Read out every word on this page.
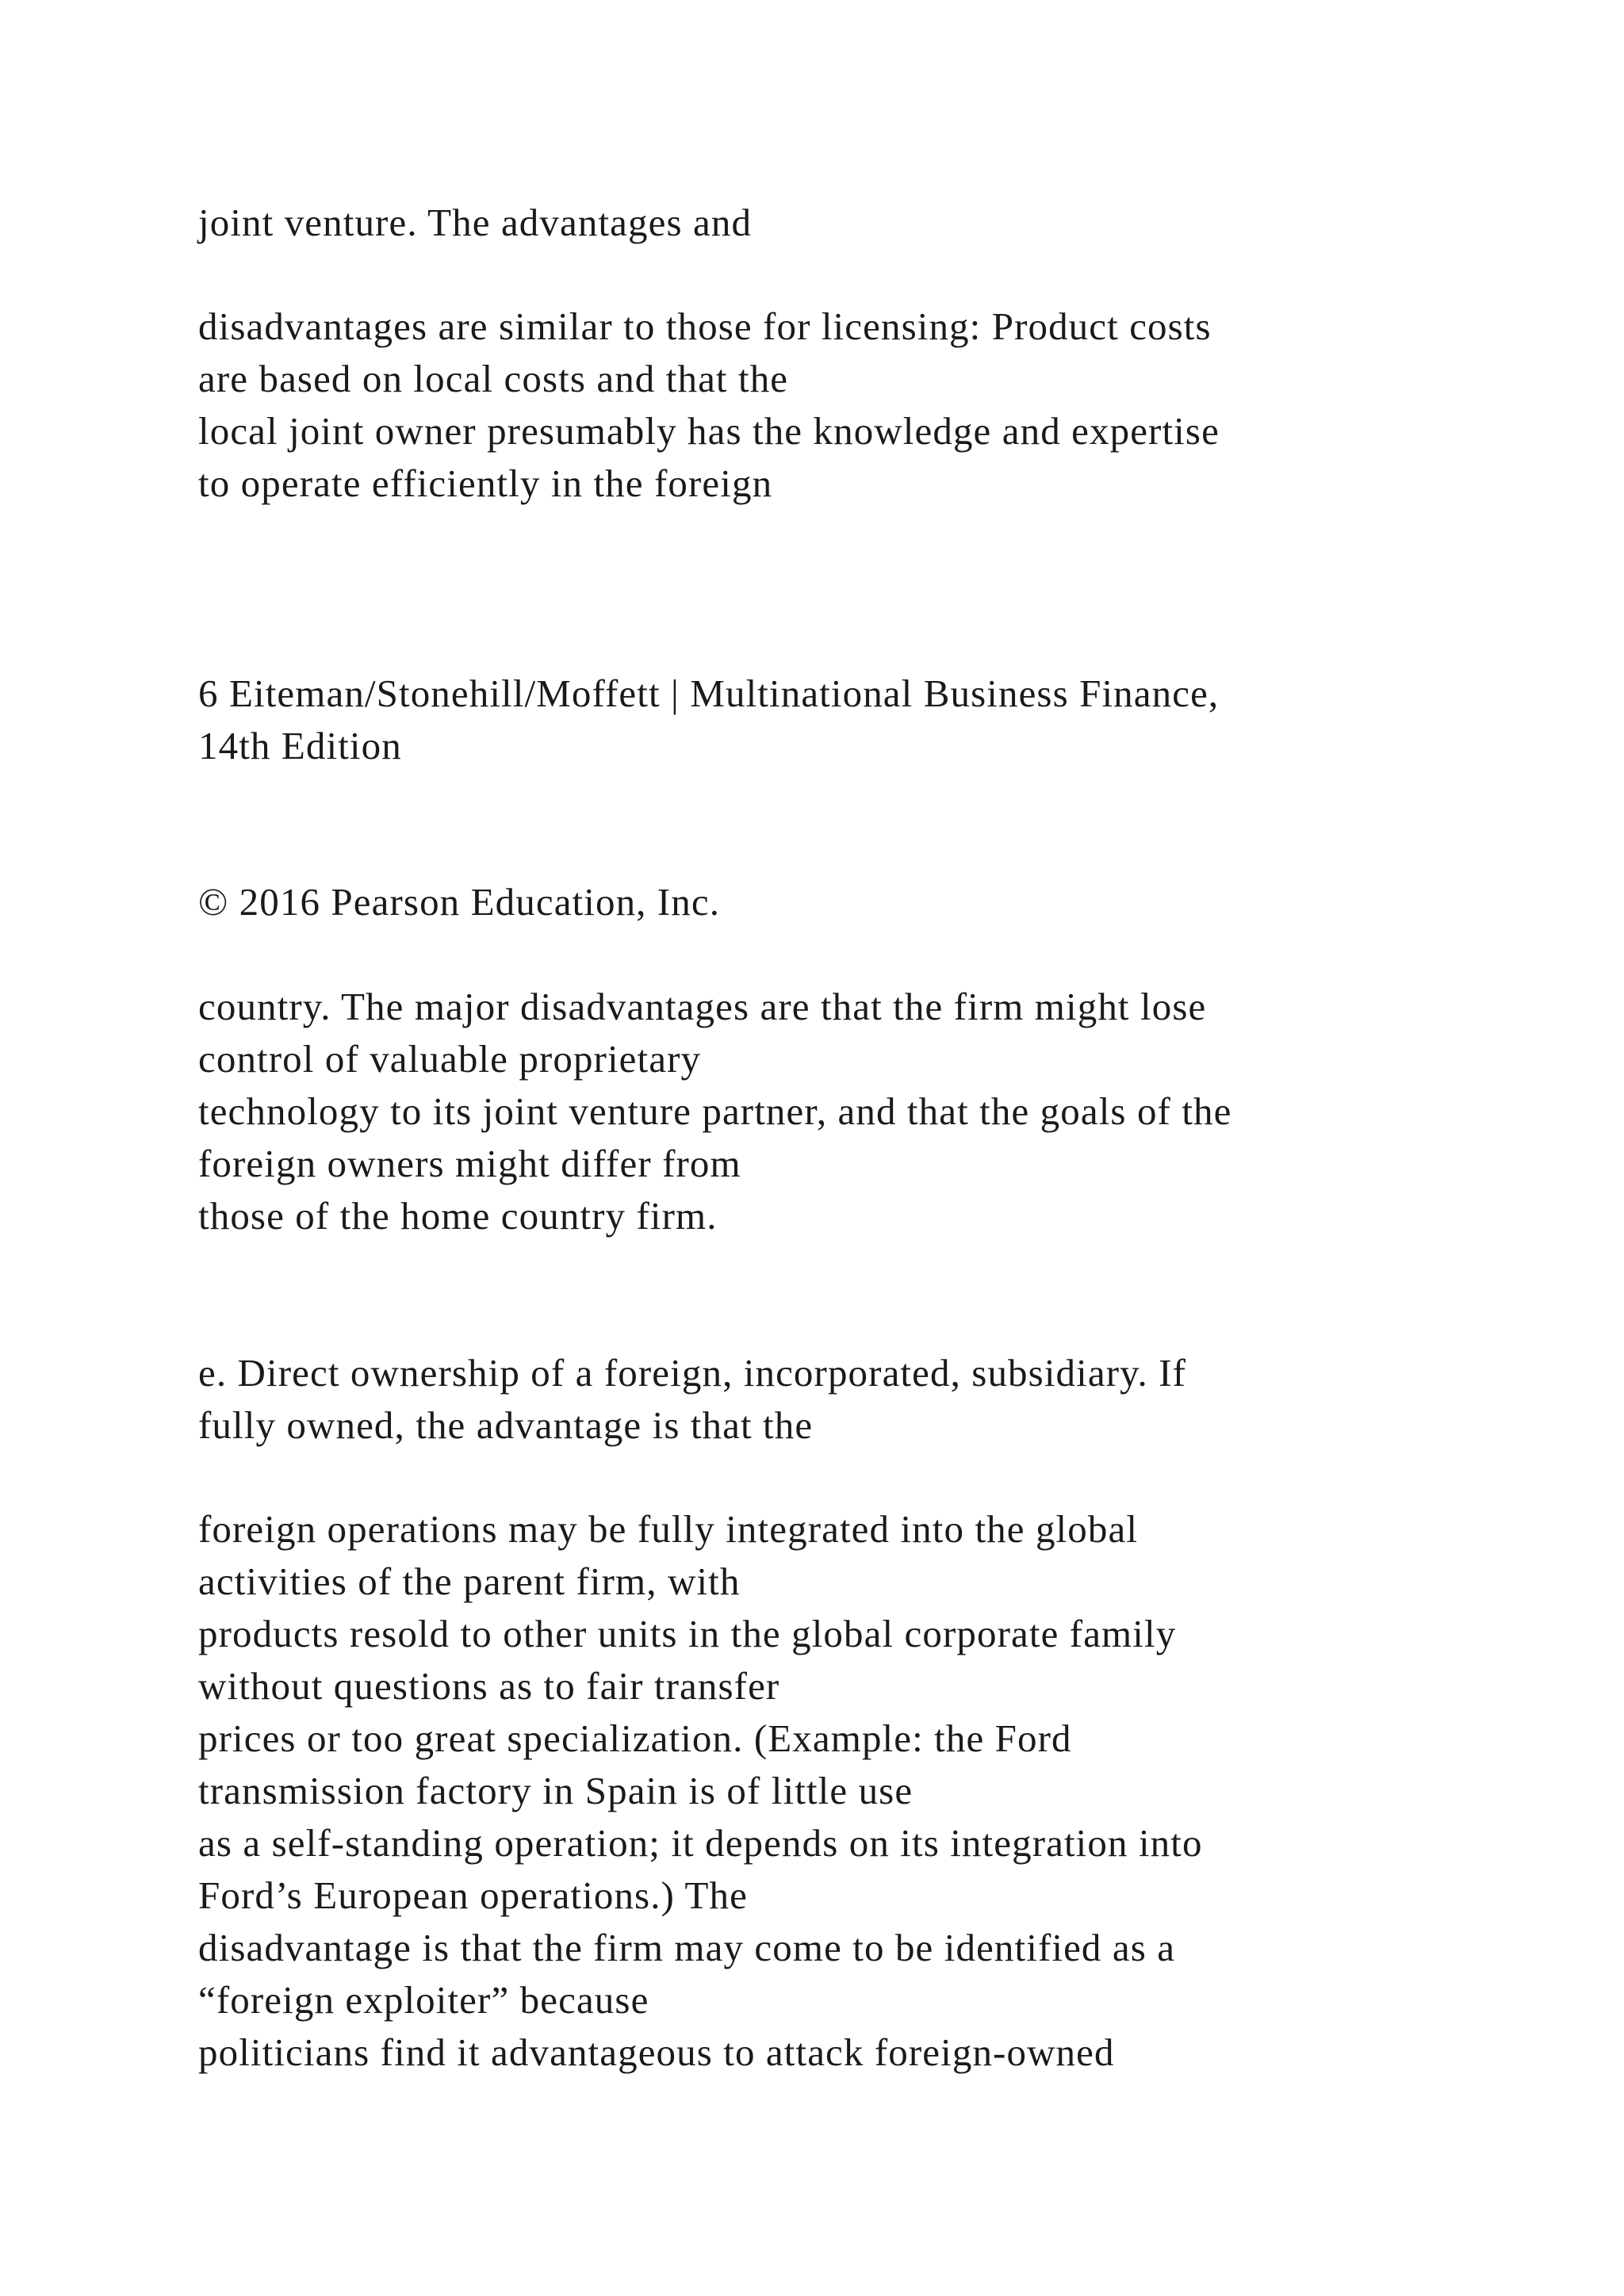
joint venture. The advantages and
disadvantages are similar to those for licensing: Product costs
are based on local costs and that the
local joint owner presumably has the knowledge and expertise
to operate efficiently in the foreign
6 Eiteman/Stonehill/Moffett | Multinational Business Finance,
14th Edition
© 2016 Pearson Education, Inc.
country. The major disadvantages are that the firm might lose
control of valuable proprietary
technology to its joint venture partner, and that the goals of the
foreign owners might differ from
those of the home country firm.
e. Direct ownership of a foreign, incorporated, subsidiary. If
fully owned, the advantage is that the
foreign operations may be fully integrated into the global
activities of the parent firm, with
products resold to other units in the global corporate family
without questions as to fair transfer
prices or too great specialization. (Example: the Ford
transmission factory in Spain is of little use
as a self-standing operation; it depends on its integration into
Ford’s European operations.) The
disadvantage is that the firm may come to be identified as a
“foreign exploiter” because
politicians find it advantageous to attack foreign-owned
